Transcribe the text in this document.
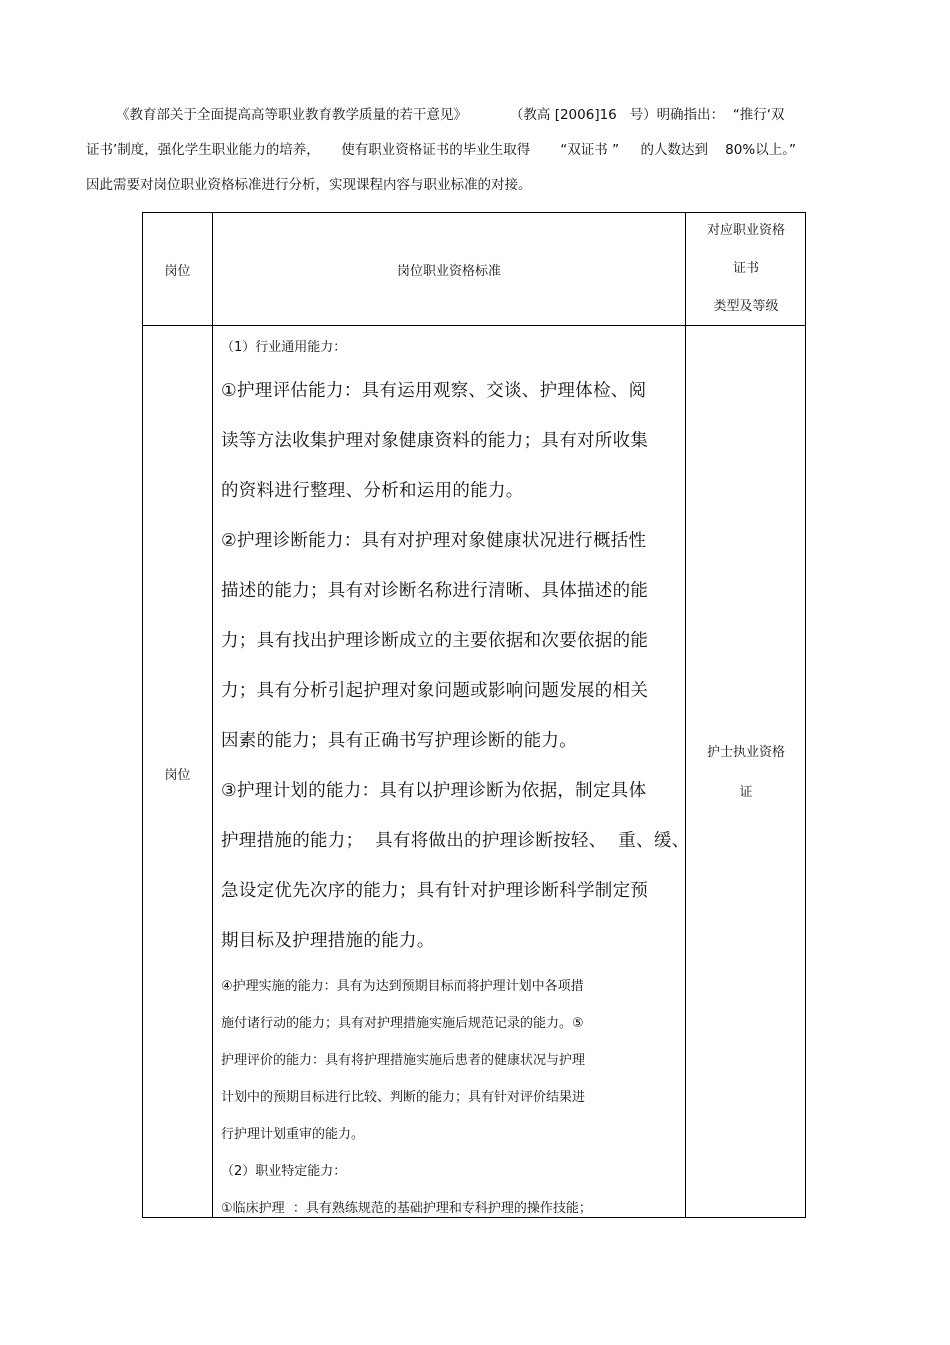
《教育部关于全面提高高等职业教育教学质量的若干意见》          （教高 [2006]16   号）明确指出：  “推行‘双
证书’制度，强化学生职业能力的培养，     使有职业资格证书的毕业生取得       “双证书 ”     的人数达到    80%以上。”
因此需要对岗位职业资格标准进行分析，实现课程内容与职业标准的对接。
岗位	岗位职业资格标准
对应职业资格
证书
类型及等级
岗位
（1）行业通用能力：
①护理评估能力：具有运用观察、交谈、护理体检、阅
读等方法收集护理对象健康资料的能力；具有对所收集
的资料进行整理、分析和运用的能力。
②护理诊断能力：具有对护理对象健康状况进行概括性
描述的能力；具有对诊断名称进行清晰、具体描述的能
力；具有找出护理诊断成立的主要依据和次要依据的能
力；具有分析引起护理对象问题或影响问题发展的相关
因素的能力；具有正确书写护理诊断的能力。
③护理计划的能力：具有以护理诊断为依据，制定具体
护理措施的能力；  具有将做出的护理诊断按轻、  重、缓、
急设定优先次序的能力；具有针对护理诊断科学制定预
期目标及护理措施的能力。
④护理实施的能力：具有为达到预期目标而将护理计划中各项措
施付诸行动的能力；具有对护理措施实施后规范记录的能力。⑤
护理评价的能力：具有将护理措施实施后患者的健康状况与护理
计划中的预期目标进行比较、判断的能力；具有针对评价结果进
行护理计划重审的能力。
（2）职业特定能力：
①临床护理  ：具有熟练规范的基础护理和专科护理的操作技能；
护士执业资格
证
